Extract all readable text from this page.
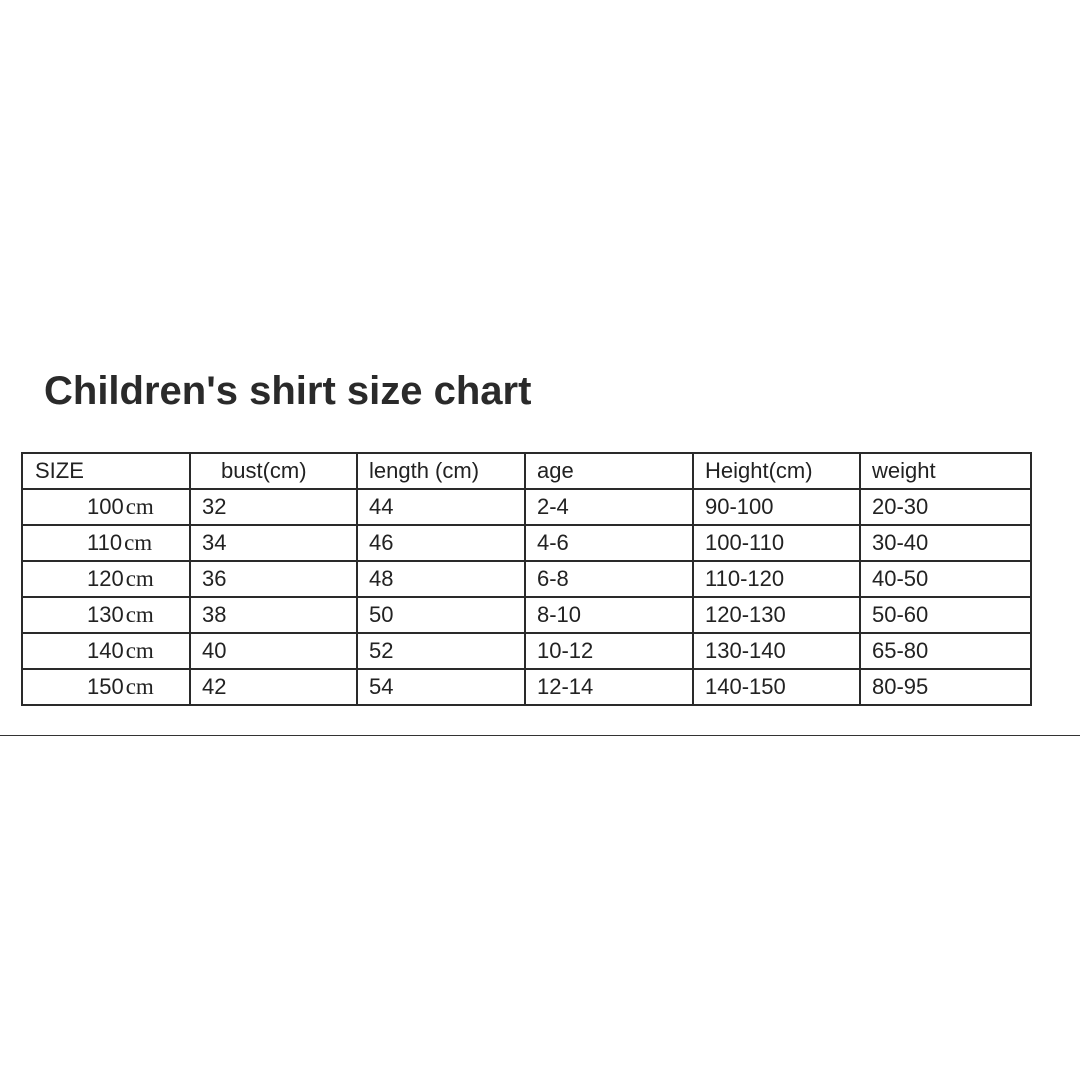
Children's shirt size chart
SIZE	bust(cm)	length (cm)	age	Height(cm)	weight
100cm	32	44	2-4	90-100	20-30
110cm	34	46	4-6	100-110	30-40
120cm	36	48	6-8	110-120	40-50
130cm	38	50	8-10	120-130	50-60
140cm	40	52	10-12	130-140	65-80
150cm	42	54	12-14	140-150	80-95
